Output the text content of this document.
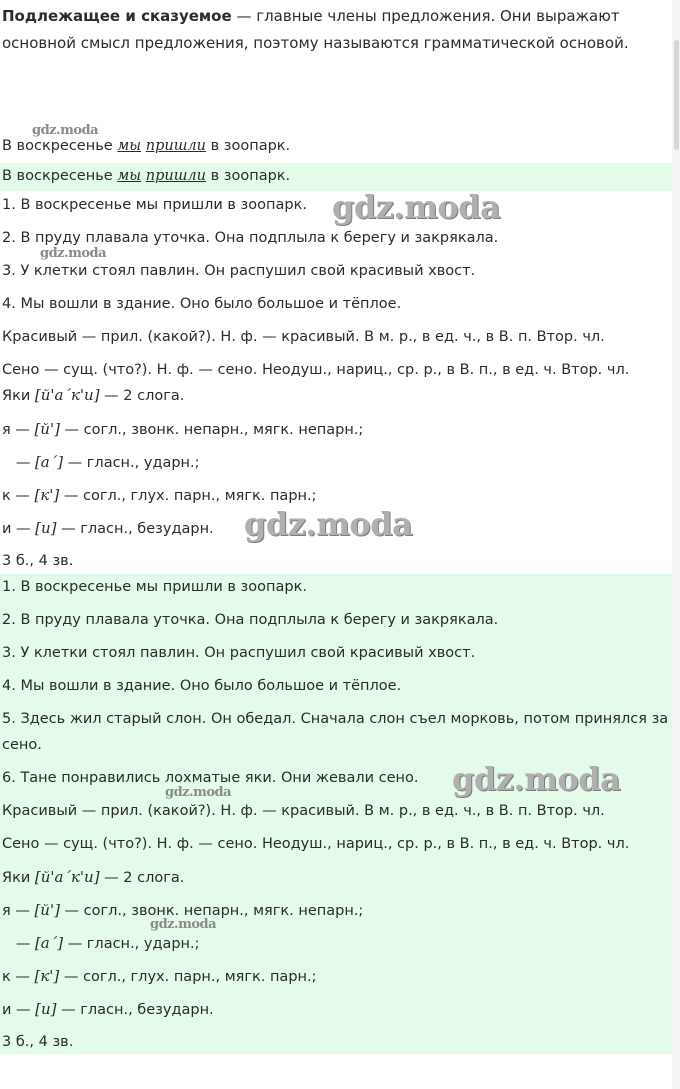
Подлежащее и сказуемое — главные члены предложения. Они выражают основной смысл предложения, поэтому называются грамматической основой.
В воскресенье мы пришли в зоопарк.
В воскресенье мы пришли в зоопарк.
1. В воскресенье мы пришли в зоопарк.
2. В пруду плавала уточка. Она подплыла к берегу и закрякала.
3. У клетки стоял павлин. Он распушил свой красивый хвост.
4. Мы вошли в здание. Оно было большое и тёплое.
Красивый — прил. (какой?). Н. ф. — красивый. В м. р., в ед. ч., в В. п. Втор. чл.
Сено — сущ. (что?). Н. ф. — сено. Неодуш., нариц., ср. р., в В. п., в ед. ч. Втор. чл.
Яки [й'а´к'и] — 2 слога.
я — [й'] — согл., звонк. непарн., мягк. непарн.;
— [а´] — гласн., ударн.;
к — [к'] — согл., глух. парн., мягк. парн.;
и — [и] — гласн., безударн.
3 б., 4 зв.
1. В воскресенье мы пришли в зоопарк.
2. В пруду плавала уточка. Она подплыла к берегу и закрякала.
3. У клетки стоял павлин. Он распушил свой красивый хвост.
4. Мы вошли в здание. Оно было большое и тёплое.
5. Здесь жил старый слон. Он обедал. Сначала слон съел морковь, потом принялся за
сено.
6. Тане понравились лохматые яки. Они жевали сено.
Красивый — прил. (какой?). Н. ф. — красивый. В м. р., в ед. ч., в В. п. Втор. чл.
Сено — сущ. (что?). Н. ф. — сено. Неодуш., нариц., ср. р., в В. п., в ед. ч. Втор. чл.
Яки [й'а´к'и] — 2 слога.
я — [й'] — согл., звонк. непарн., мягк. непарн.;
— [а´] — гласн., ударн.;
к — [к'] — согл., глух. парн., мягк. парн.;
и — [и] — гласн., безударн.
3 б., 4 зв.
gdz.moda
gdz.moda
gdz.moda
gdz.moda
gdz.moda
gdz.moda
gdz.moda
